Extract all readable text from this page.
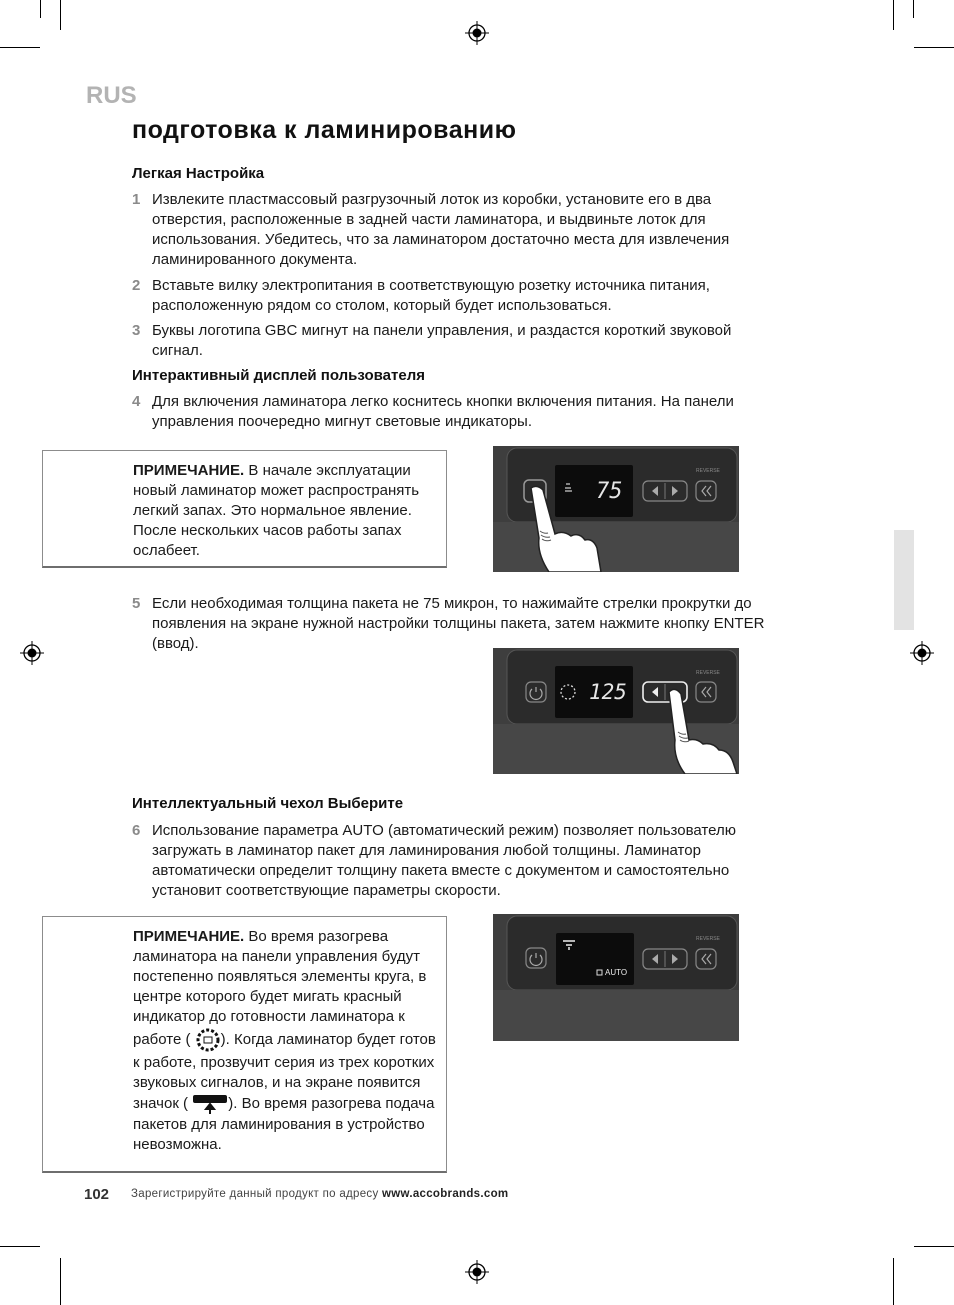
RUS
подготовка к ламинированию
Легкая Настройка
1 Извлеките пластмассовый разгрузочный лоток из коробки, установите его в два отверстия, расположенные в задней части ламинатора, и выдвиньте лоток для использования. Убедитесь, что за ламинатором достаточно места для извлечения ламинированного документа.
2 Вставьте вилку электропитания в соответствующую розетку источника питания, расположенную рядом со столом, который будет использоваться.
3 Буквы логотипа GBC мигнут на панели управления, и раздастся короткий звуковой сигнал.
Интерактивный дисплей пользователя
4 Для включения ламинатора легко коснитесь кнопки включения питания. На панели управления поочередно мигнут световые индикаторы.
ПРИМЕЧАНИЕ. В начале эксплуатации новый ламинатор может распространять легкий запах. Это нормальное явление. После нескольких часов работы запах ослабеет.
75
REVERSE
5 Если необходимая толщина пакета не 75 микрон, то нажимайте стрелки прокрутки до появления на экране нужной настройки толщины пакета, затем нажмите кнопку ENTER (ввод).
125
REVERSE
Интеллектуальный чехол Выберите
6 Использование параметра AUTO (автоматический режим) позволяет пользователю загружать в ламинатор пакет для ламинирования любой толщины. Ламинатор автоматически определит толщину пакета вместе с документом и самостоятельно установит соответствующие параметры скорости.
ПРИМЕЧАНИЕ. Во время разогрева ламинатора на панели управления будут постепенно появляться элементы круга, в центре которого будет мигать красный индикатор до готовности ламинатора к работе ( ). Когда ламинатор будет готов к работе, прозвучит серия из трех коротких звуковых сигналов, и на экране появится значок (	). Во время разогрева подача пакетов для ламинирования в устройство невозможна.
AUTO
REVERSE
102 Зарегистрируйте данный продукт по адресу www.accobrands.com
